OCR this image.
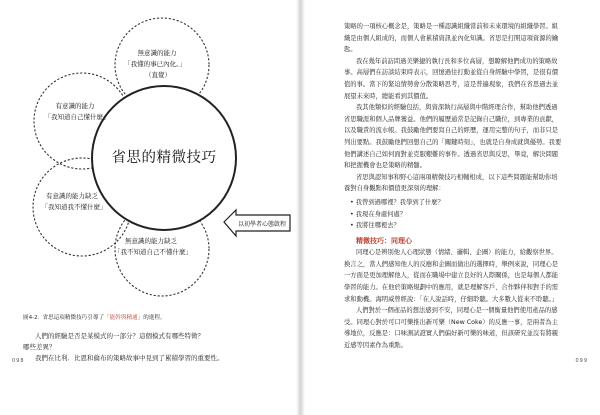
省思的精微技巧
無意識的能力
「我懂的事已內化。」
（直覺）
有意識的能力
「我知道自己懂什麼」
有意識的能力缺乏
「我知道我不懂什麼」
無意識的能力缺乏
「我不知道自己不懂什麼」
以初學者心態啟程
圖4-2. 省思這項精微技巧引導了「能幹與精通」的進程。

人們的經驗是否是某模式的一部分？這個模式有哪些特徵？

哪些差異？

我們在比利．比恩和倫布的策略故事中見到了累積學習的重要性。

098	099

策略的一項核心概念是，策略是一種認識組織當前和未來環境的組織學習。組織是由個人組成的，而個人會累積資訊並內化知識。省思是打開這項資源的鑰匙。

我在幾年前訪問過美樂捷的執行長和多位高層，想瞭解他們成功的策略故事。高層們在訪談結束時表示，回憶過往打動並從自身經驗中學習，是很有價值的事。當下的緊迫情勢會分散策略思考，這是普遍現象，我們在省思過去並展望未來時，總能看到其價值。

我其他類似的經驗包括，與資深執行高層與中階經理合作，幫助他們透過省思職涯和個人品牌獲益。他們的履歷通常是記錄自己職位，到專業的貢獻，以及職責的流水帳。我鼓勵他們要寫自己的經歷，運用完整的句子，而非只是列出要點。我鼓勵他們回想自己的「關鍵時刻」，也就是自身成就與優勢。我要他們講述自己如何面對並克服艱難的事件。透過省思與反思，畢竟，解決問題和把握機會也是策略的精髓。

省思與認知事和野心這兩項精微技巧相輔相成，以下這些問題能幫助你培養對自身觀點和價值更深刻的理解：

• 我曾到過哪裡？我學到了什麼？
• 我現在身處何處？
• 我將往哪裡去？

精微技巧：同理心

同理心是辨別他人心理狀態（情緒、邏輯、企圖）的能力，給觀察世界。換言之，當人們感知他人的反應和企圖而做出的選擇時，舉例來說，同理心是一方面是更加理解他人，從而在職場中建立良好的人際關係，也是每個人都能學習的能力。在他於策略規劃中的應用，就是理解客戶、合作夥伴和對手的需求和動機。海明威曾經說：「在人說話時，仔細聆聽。大多數人從來不聆聽。」

人們對於一個產品的想法感到不安，同理心是一個衡量他們使用產品的感受。同理心對於可口可樂推出新可樂（New Coke）的反應一事，是兩者為主導地位，反應是：口味測試證實人們偏好新可樂的味道，但該研究並沒有將親近感等因素作為重點。
